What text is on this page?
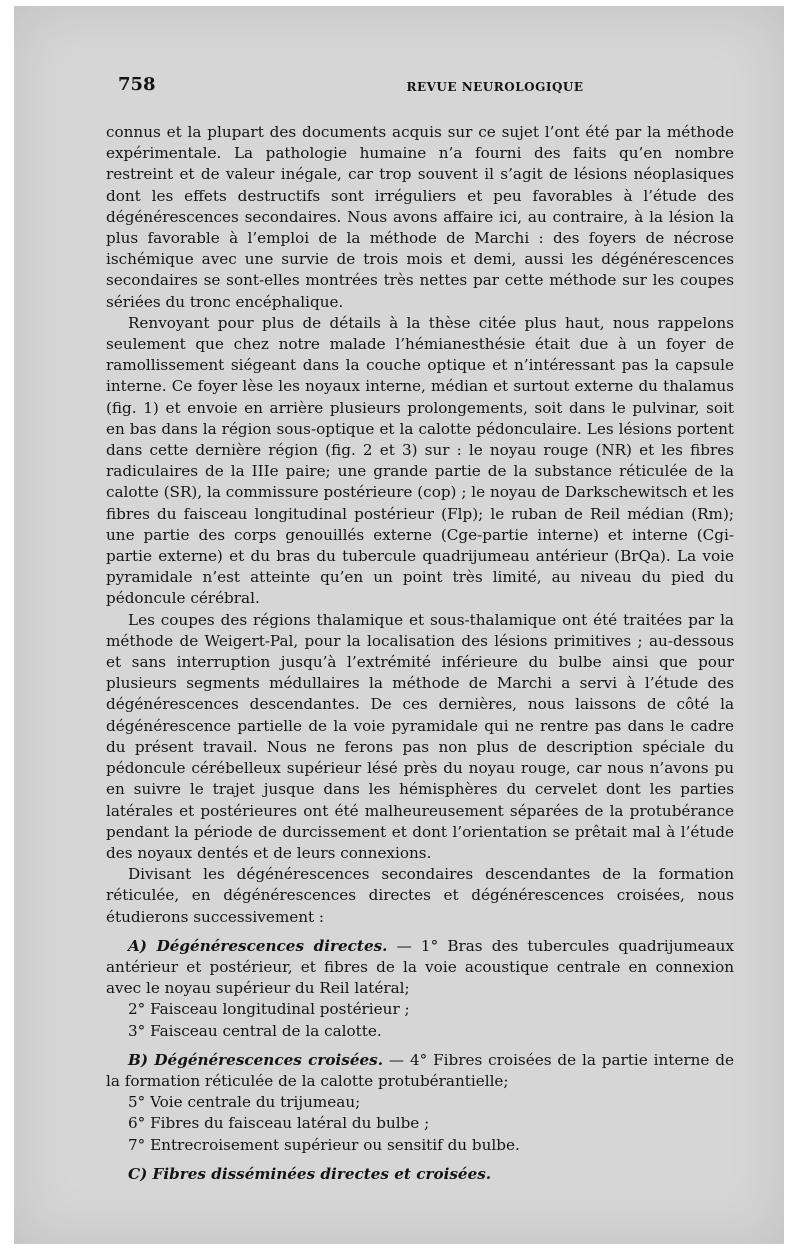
758	REVUE NEUROLOGIQUE

connus et la plupart des documents acquis sur ce sujet l’ont été par la méthode expérimentale. La pathologie humaine n’a fourni des faits qu’en nombre restreint et de valeur inégale, car trop souvent il s’agit de lésions néoplasiques dont les effets destructifs sont irréguliers et peu favorables à l’étude des dégénérescences secondaires. Nous avons affaire ici, au contraire, à la lésion la plus favorable à l’emploi de la méthode de Marchi : des foyers de nécrose ischémique avec une survie de trois mois et demi, aussi les dégénérescences secondaires se sont-elles montrées très nettes par cette méthode sur les coupes sériées du tronc encéphalique.

Renvoyant pour plus de détails à la thèse citée plus haut, nous rappelons seulement que chez notre malade l’hémianesthésie était due à un foyer de ramollissement siégeant dans la couche optique et n’intéressant pas la capsule interne. Ce foyer lèse les noyaux interne, médian et surtout externe du thalamus (fig. 1) et envoie en arrière plusieurs prolongements, soit dans le pulvinar, soit en bas dans la région sous-optique et la calotte pédonculaire. Les lésions portent dans cette dernière région (fig. 2 et 3) sur : le noyau rouge (NR) et les fibres radiculaires de la IIIe paire; une grande partie de la substance réticulée de la calotte (SR), la commissure postérieure (cop) ; le noyau de Darkschewitsch et les fibres du faisceau longitudinal postérieur (Flp); le ruban de Reil médian (Rm); une partie des corps genouillés externe (Cge-partie interne) et interne (Cgi-partie externe) et du bras du tubercule quadrijumeau antérieur (BrQa). La voie pyramidale n’est atteinte qu’en un point très limité, au niveau du pied du pédoncule cérébral.

Les coupes des régions thalamique et sous-thalamique ont été traitées par la méthode de Weigert-Pal, pour la localisation des lésions primitives ; au-dessous et sans interruption jusqu’à l’extrémité inférieure du bulbe ainsi que pour plusieurs segments médullaires la méthode de Marchi a servi à l’étude des dégénérescences descendantes. De ces dernières, nous laissons de côté la dégénérescence partielle de la voie pyramidale qui ne rentre pas dans le cadre du présent travail. Nous ne ferons pas non plus de description spéciale du pédoncule cérébelleux supérieur lésé près du noyau rouge, car nous n’avons pu en suivre le trajet jusque dans les hémisphères du cervelet dont les parties latérales et postérieures ont été malheureusement séparées de la protubérance pendant la période de durcissement et dont l’orientation se prêtait mal à l’étude des noyaux dentés et de leurs connexions.

Divisant les dégénérescences secondaires descendantes de la formation réticulée, en dégénérescences directes et dégénérescences croisées, nous étudierons successivement :

A) Dégénérescences directes. — 1° Bras des tubercules quadrijumeaux antérieur et postérieur, et fibres de la voie acoustique centrale en connexion avec le noyau supérieur du Reil latéral;

2° Faisceau longitudinal postérieur ;

3° Faisceau central de la calotte.

B) Dégénérescences croisées. — 4° Fibres croisées de la partie interne de la formation réticulée de la calotte protubérantielle;

5° Voie centrale du trijumeau;

6° Fibres du faisceau latéral du bulbe ;

7° Entrecroisement supérieur ou sensitif du bulbe.

C) Fibres disséminées directes et croisées.
